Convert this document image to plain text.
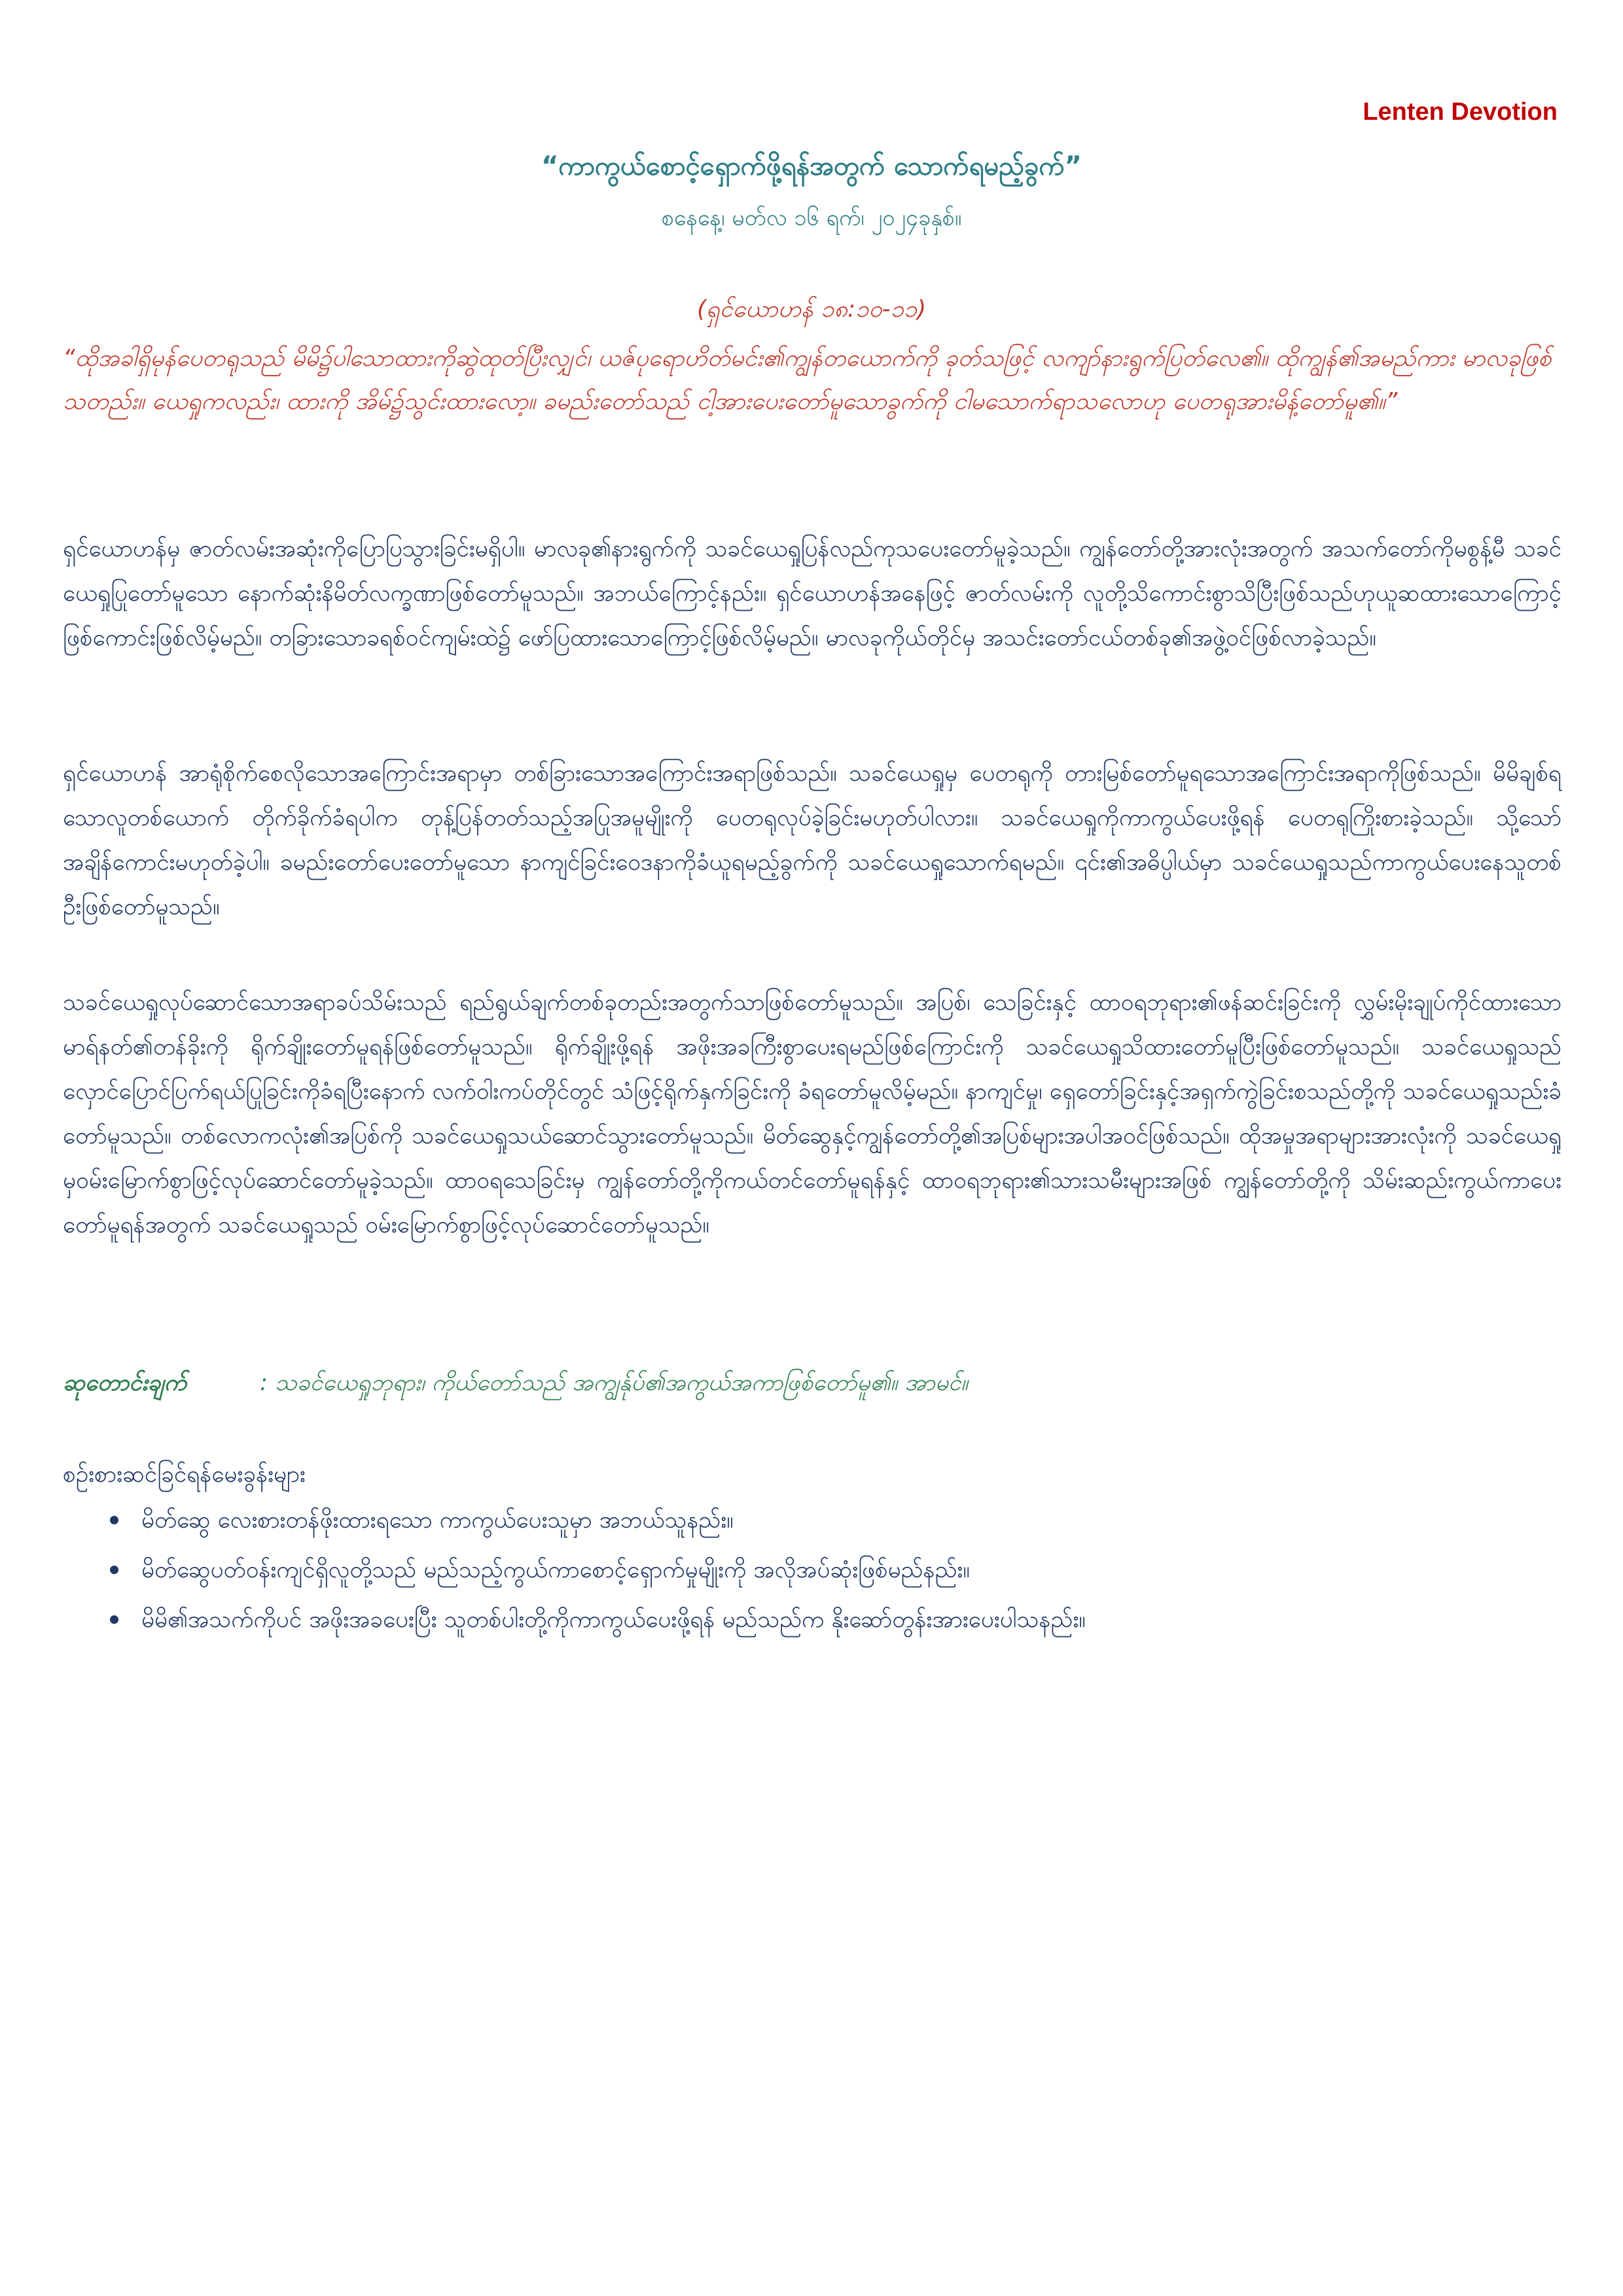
Lenten Devotion
“ကာကွယ်စောင့်ရှောက်ဖို့ရန်အတွက် သောက်ရမည့်ခွက်”
စနေနေ့၊ မတ်လ ၁၆ ရက်၊ ၂၀၂၄ခုနှစ်။
(ရှင်ယောဟန် ၁၈:၁၀-၁၁)
“ထိုအခါရှိမုန်ပေတရုသည် မိမိ၌ပါသောထားကိုဆွဲထုတ်ပြီးလျှင်၊ ယဇ်ပုရောဟိတ်မင်း၏ကျွန်တယောက်ကို ခုတ်သဖြင့် လကျာ်နားရွက်ပြတ်လေ၏။ ထိုကျွန်၏အမည်ကား မာလခုဖြစ်သတည်း။ ယေရှုကလည်း၊ ထားကို အိမ်၌သွင်းထားလော့။ ခမည်းတော်သည် ငါ့အားပေးတော်မူသောခွက်ကို ငါမသောက်ရာသလောဟု ပေတရုအားမိန့်တော်မူ၏။”
ရှင်ယောဟန်မှ ဇာတ်လမ်းအဆုံးကိုပြောပြသွားခြင်းမရှိပါ။ မာလခု၏နားရွက်ကို သခင်ယေရှုပြန်လည်ကုသပေးတော်မူခဲ့သည်။ ကျွန်တော်တို့အားလုံးအတွက် အသက်တော်ကိုမစွန့်မီ သခင်ယေရှုပြုတော်မူသော နောက်ဆုံးနိမိတ်လက္ခဏာဖြစ်တော်မူသည်။ အဘယ်ကြောင့်နည်း။ ရှင်ယောဟန်အနေဖြင့် ဇာတ်လမ်းကို လူတို့သိကောင်းစွာသိပြီးဖြစ်သည်ဟုယူဆထားသောကြောင့် ဖြစ်ကောင်းဖြစ်လိမ့်မည်။ တခြားသောခရစ်ဝင်ကျမ်းထဲ၌ ဖော်ပြထားသောကြောင့်ဖြစ်လိမ့်မည်။ မာလခုကိုယ်တိုင်မှ အသင်းတော်ငယ်တစ်ခု၏အဖွဲ့ဝင်ဖြစ်လာခဲ့သည်။
ရှင်ယောဟန် အာရုံစိုက်စေလိုသောအကြောင်းအရာမှာ တစ်ခြားသောအကြောင်းအရာဖြစ်သည်။ သခင်ယေရှုမှ ပေတရုကို တားမြစ်တော်မူရသောအကြောင်းအရာကိုဖြစ်သည်။ မိမိချစ်ရသောလူတစ်ယောက် တိုက်ခိုက်ခံရပါက တုန့်ပြန်တတ်သည့်အပြုအမူမျိုးကို ပေတရုလုပ်ခဲ့ခြင်းမဟုတ်ပါလား။ သခင်ယေရှုကိုကာကွယ်ပေးဖို့ရန် ပေတရုကြိုးစားခဲ့သည်။ သို့သော်အချိန်ကောင်းမဟုတ်ခဲ့ပါ။ ခမည်းတော်ပေးတော်မူသော နာကျင်ခြင်းဝေဒနာကိုခံယူရမည့်ခွက်ကို သခင်ယေရှုသောက်ရမည်။ ၎င်း၏အဓိပ္ပါယ်မှာ သခင်ယေရှုသည်ကာကွယ်ပေးနေသူတစ်ဦးဖြစ်တော်မူသည်။
သခင်ယေရှုလုပ်ဆောင်သောအရာခပ်သိမ်းသည် ရည်ရွယ်ချက်တစ်ခုတည်းအတွက်သာဖြစ်တော်မူသည်။ အပြစ်၊ သေခြင်းနှင့် ထာဝရဘုရား၏ဖန်ဆင်းခြင်းကို လွှမ်းမိုးချုပ်ကိုင်ထားသောမာရ်နတ်၏တန်ခိုးကို ရိုက်ချိုးတော်မူရန်ဖြစ်တော်မူသည်။ ရိုက်ချိုးဖို့ရန် အဖိုးအခကြီးစွာပေးရမည်ဖြစ်ကြောင်းကို သခင်ယေရှုသိထားတော်မူပြီးဖြစ်တော်မူသည်။ သခင်ယေရှုသည် လှောင်ပြောင်ပြက်ရယ်ပြုခြင်းကိုခံရပြီးနောက် လက်ဝါးကပ်တိုင်တွင် သံဖြင့်ရိုက်နှက်ခြင်းကို ခံရတော်မူလိမ့်မည်။ နာကျင်မှု၊ ရှေတော်ခြင်းနှင့်အရှက်ကွဲခြင်းစသည်တို့ကို သခင်ယေရှုသည်းခံတော်မူသည်။ တစ်လောကလုံး၏အပြစ်ကို သခင်ယေရှုသယ်ဆောင်သွားတော်မူသည်။ မိတ်ဆွေနှင့်ကျွန်တော်တို့၏အပြစ်များအပါအဝင်ဖြစ်သည်။ ထိုအမှုအရာများအားလုံးကို သခင်ယေရှုမှဝမ်းမြောက်စွာဖြင့်လုပ်ဆောင်တော်မူခဲ့သည်။ ထာဝရသေခြင်းမှ ကျွန်တော်တို့ကိုကယ်တင်တော်မူရန်နှင့် ထာဝရဘုရား၏သားသမီးများအဖြစ် ကျွန်တော်တို့ကို သိမ်းဆည်းကွယ်ကာပေးတော်မူရန်အတွက် သခင်ယေရှုသည် ဝမ်းမြောက်စွာဖြင့်လုပ်ဆောင်တော်မူသည်။
ဆုတောင်းချက်	: သခင်ယေရှုဘုရား၊ ကိုယ်တော်သည် အကျွန်ုပ်၏အကွယ်အကာဖြစ်တော်မူ၏။ အာမင်။
စဉ်းစားဆင်ခြင်ရန်မေးခွန်းများ
မိတ်ဆွေ လေးစားတန်ဖိုးထားရသော ကာကွယ်ပေးသူမှာ အဘယ်သူနည်း။
မိတ်ဆွေပတ်ဝန်းကျင်ရှိလူတို့သည် မည်သည့်ကွယ်ကာစောင့်ရှောက်မှုမျိုးကို အလိုအပ်ဆုံးဖြစ်မည်နည်း။
မိမိ၏အသက်ကိုပင် အဖိုးအခပေးပြီး သူတစ်ပါးတို့ကိုကာကွယ်ပေးဖို့ရန် မည်သည်က နိုးဆော်တွန်းအားပေးပါသနည်း။
